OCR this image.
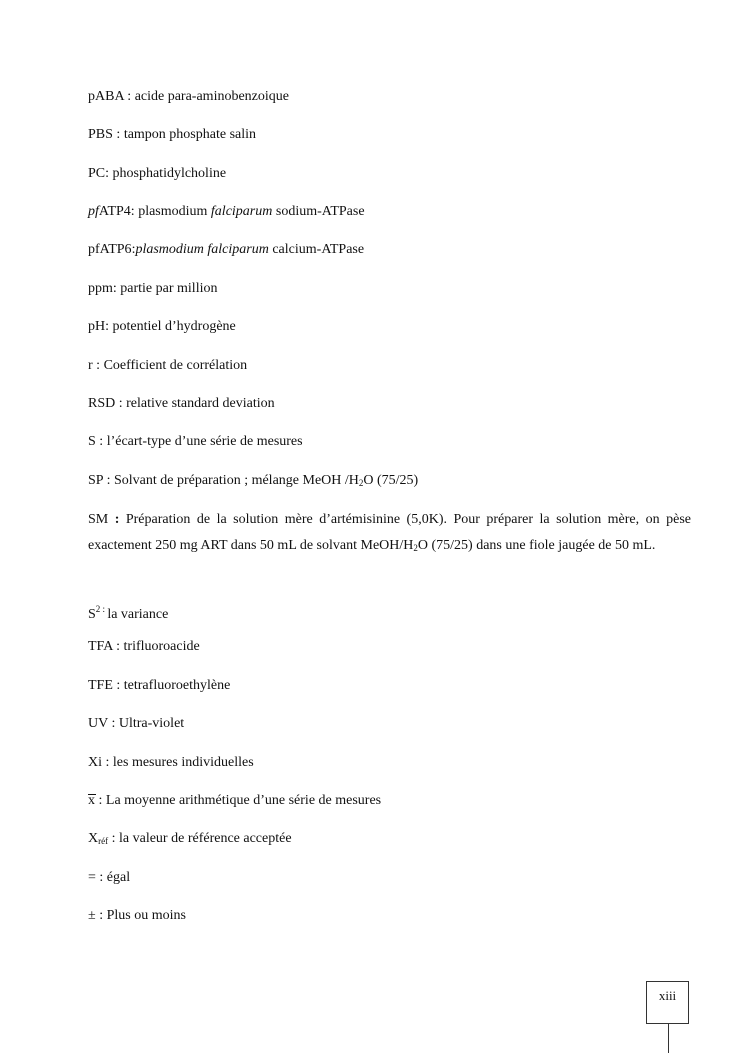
pABA : acide para-aminobenzoique
PBS : tampon phosphate salin
PC: phosphatidylcholine
pfATP4: plasmodium falciparum sodium-ATPase
pfATP6:plasmodium falciparum calcium-ATPase
ppm: partie par million
pH: potentiel d’hydrogène
r : Coefficient de corrélation
RSD : relative standard deviation
S : l’écart-type d’une série de mesures
SP : Solvant de préparation ; mélange MeOH $/H_2O$ (75/25)
SM : Préparation de la solution mère d’artémisinine (5,0K). Pour préparer la solution mère, on pèse exactement 250 mg ART dans 50 mL de solvant MeOH/$H_2O$ (75/25) dans une fiole jaugée de 50 mL.
$S^{2 :}$ la variance
TFA : trifluoroacide
TFE : tetrafluoroethylène
UV : Ultra-violet
Xi : les mesures individuelles
x : La moyenne arithmétique d’une série de mesures
$X_{réf}$ : la valeur de référence acceptée
= : égal
± : Plus ou moins
xiii
